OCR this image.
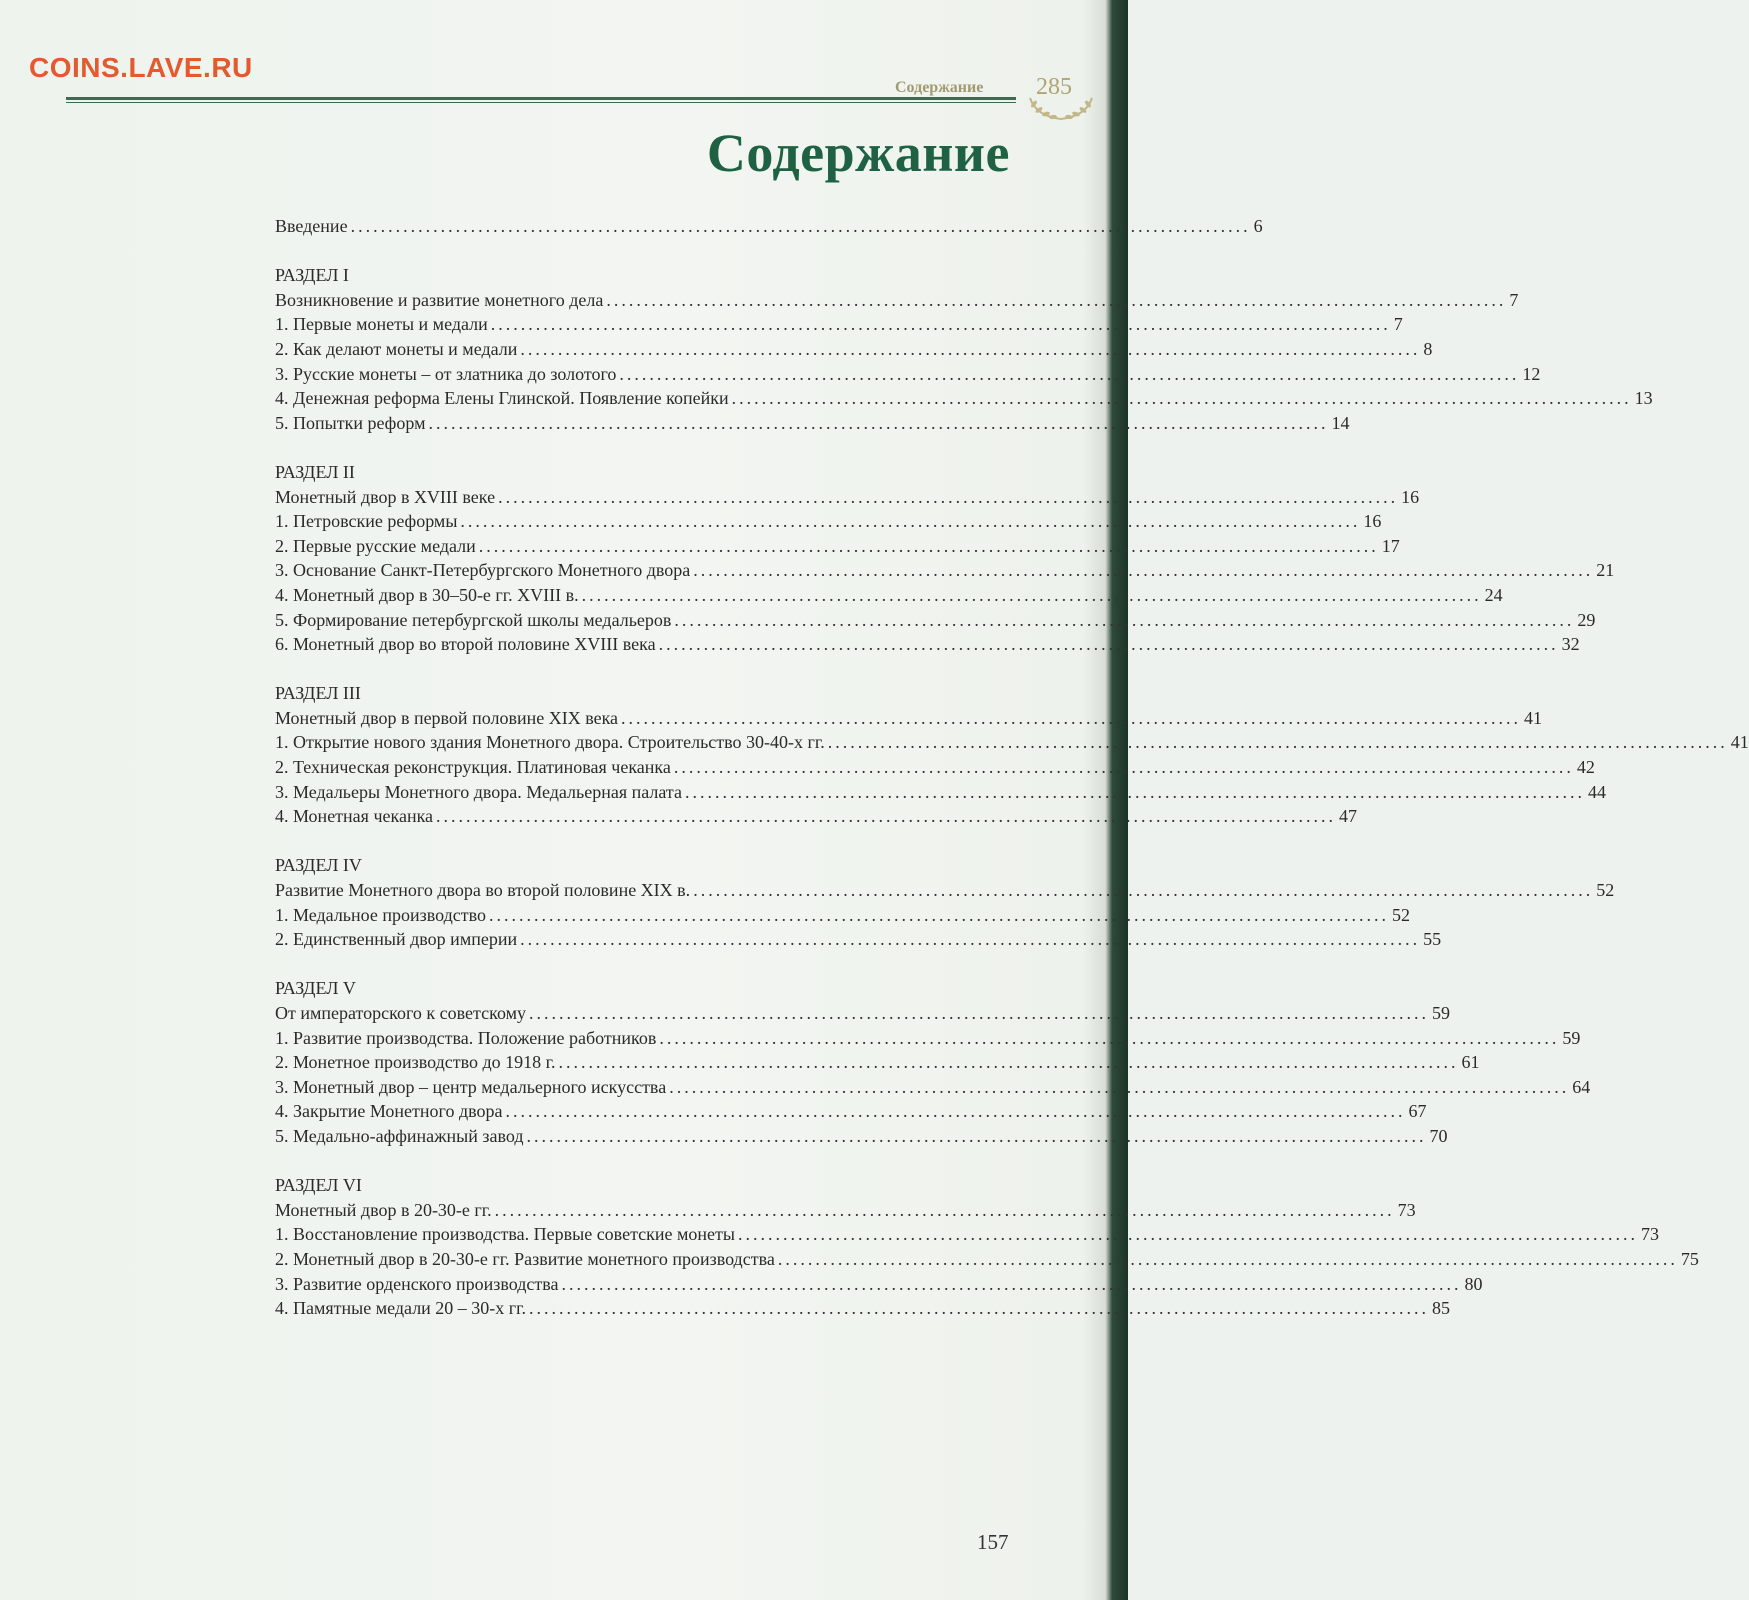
COINS.LAVE.RU
Содержание 285
Содержание
Введение ........................................................................................................................ 6
РАЗДЕЛ I
Возникновение и развитие монетного дела ........................................................................................................................ 7
1. Первые монеты и медали ........................................................................................................................ 7
2. Как делают монеты и медали ........................................................................................................................ 8
3. Русские монеты – от златника до золотого ........................................................................................................................ 12
4. Денежная реформа Елены Глинской. Появление копейки ........................................................................................................................ 13
5. Попытки реформ ........................................................................................................................ 14
РАЗДЕЛ II
Монетный двор в XVIII веке ........................................................................................................................ 16
1. Петровские реформы ........................................................................................................................ 16
2. Первые русские медали ........................................................................................................................ 17
3. Основание Санкт-Петербургского Монетного двора ........................................................................................................................ 21
4. Монетный двор в 30–50-е гг. XVIII в. ........................................................................................................................ 24
5. Формирование петербургской школы медальеров ........................................................................................................................ 29
6. Монетный двор во второй половине XVIII века ........................................................................................................................ 32
РАЗДЕЛ III
Монетный двор в первой половине XIX века ........................................................................................................................ 41
1. Открытие нового здания Монетного двора. Строительство 30-40-х гг. ........................................................................................................................ 41
2. Техническая реконструкция. Платиновая чеканка ........................................................................................................................ 42
3. Медальеры Монетного двора. Медальерная палата ........................................................................................................................ 44
4. Монетная чеканка ........................................................................................................................ 47
РАЗДЕЛ IV
Развитие Монетного двора во второй половине XIX в. ........................................................................................................................ 52
1. Медальное производство ........................................................................................................................ 52
2. Единственный двор империи ........................................................................................................................ 55
РАЗДЕЛ V
От императорского к советскому ........................................................................................................................ 59
1. Развитие производства. Положение работников ........................................................................................................................ 59
2. Монетное производство до 1918 г. ........................................................................................................................ 61
3. Монетный двор – центр медальерного искусства ........................................................................................................................ 64
4. Закрытие Монетного двора ........................................................................................................................ 67
5. Медально-аффинажный завод ........................................................................................................................ 70
РАЗДЕЛ VI
Монетный двор в 20-30-е гг. ........................................................................................................................ 73
1. Восстановление производства. Первые советские монеты ........................................................................................................................ 73
2. Монетный двор в 20-30-е гг. Развитие монетного производства ........................................................................................................................ 75
3. Развитие орденского производства ........................................................................................................................ 80
4. Памятные медали 20 – 30-х гг. ........................................................................................................................ 85
157
